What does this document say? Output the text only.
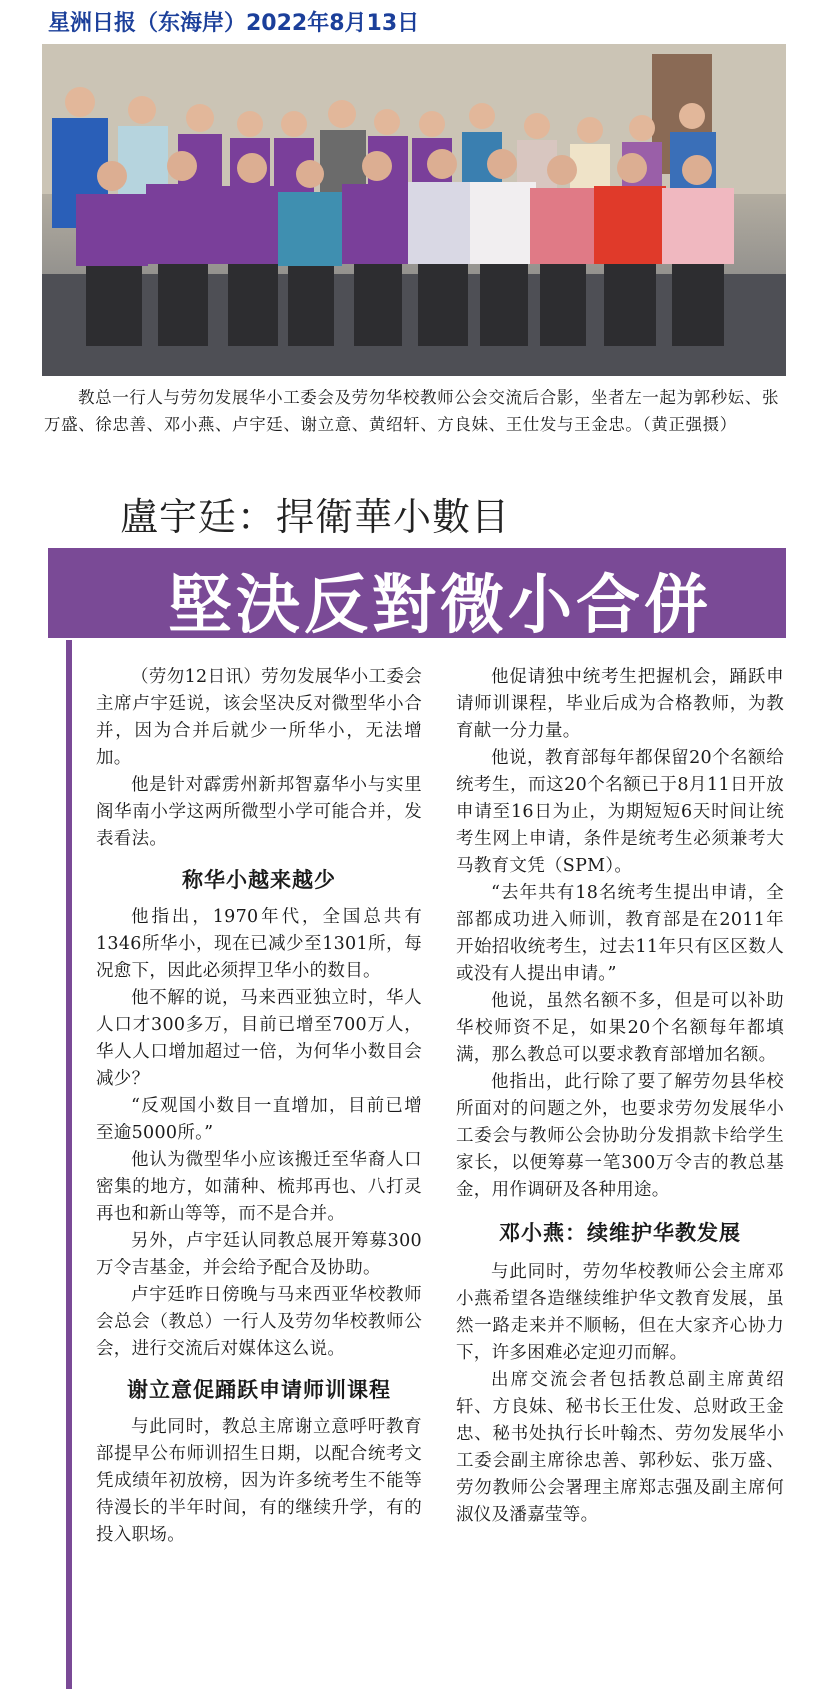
星洲日报（东海岸）2022年8月13日
教总一行人与劳勿发展华小工委会及劳勿华校教师公会交流后合影，坐者左一起为郭秒妘、张万盛、徐忠善、邓小燕、卢宇廷、谢立意、黄绍轩、方良妹、王仕发与王金忠。（黄正强摄）
盧宇廷：捍衛華小數目
堅決反對微小合併

（劳勿12日讯）劳勿发展华小工委会主席卢宇廷说，该会坚决反对微型华小合并，因为合并后就少一所华小，无法增加。

他是针对霹雳州新邦智嘉华小与实里阁华南小学这两所微型小学可能合并，发表看法。

称华小越来越少

他指出，1970年代，全国总共有1346所华小，现在已减少至1301所，每况愈下，因此必须捍卫华小的数目。

他不解的说，马来西亚独立时，华人人口才300多万，目前已增至700万人，华人人口增加超过一倍，为何华小数目会减少？

“反观国小数目一直增加，目前已增至逾5000所。”

他认为微型华小应该搬迁至华裔人口密集的地方，如蒲种、梳邦再也、八打灵再也和新山等等，而不是合并。

另外，卢宇廷认同教总展开筹募300万令吉基金，并会给予配合及协助。

卢宇廷昨日傍晚与马来西亚华校教师会总会（教总）一行人及劳勿华校教师公会，进行交流后对媒体这么说。

谢立意促踊跃申请师训课程

与此同时，教总主席谢立意呼吁教育部提早公布师训招生日期，以配合统考文凭成绩年初放榜，因为许多统考生不能等待漫长的半年时间，有的继续升学，有的投入职场。

他促请独中统考生把握机会，踊跃申请师训课程，毕业后成为合格教师，为教育献一分力量。

他说，教育部每年都保留20个名额给统考生，而这20个名额已于8月11日开放申请至16日为止，为期短短6天时间让统考生网上申请，条件是统考生必须兼考大马教育文凭（SPM）。

“去年共有18名统考生提出申请，全部都成功进入师训，教育部是在2011年开始招收统考生，过去11年只有区区数人或没有人提出申请。”

他说，虽然名额不多，但是可以补助华校师资不足，如果20个名额每年都填满，那么教总可以要求教育部增加名额。

他指出，此行除了要了解劳勿县华校所面对的问题之外，也要求劳勿发展华小工委会与教师公会协助分发捐款卡给学生家长，以便筹募一笔300万令吉的教总基金，用作调研及各种用途。

邓小燕：续维护华教发展

与此同时，劳勿华校教师公会主席邓小燕希望各造继续维护华文教育发展，虽然一路走来并不顺畅，但在大家齐心协力下，许多困难必定迎刃而解。

出席交流会者包括教总副主席黄绍轩、方良妹、秘书长王仕发、总财政王金忠、秘书处执行长叶翰杰、劳勿发展华小工委会副主席徐忠善、郭秒妘、张万盛、劳勿教师公会署理主席郑志强及副主席何淑仪及潘嘉莹等。
